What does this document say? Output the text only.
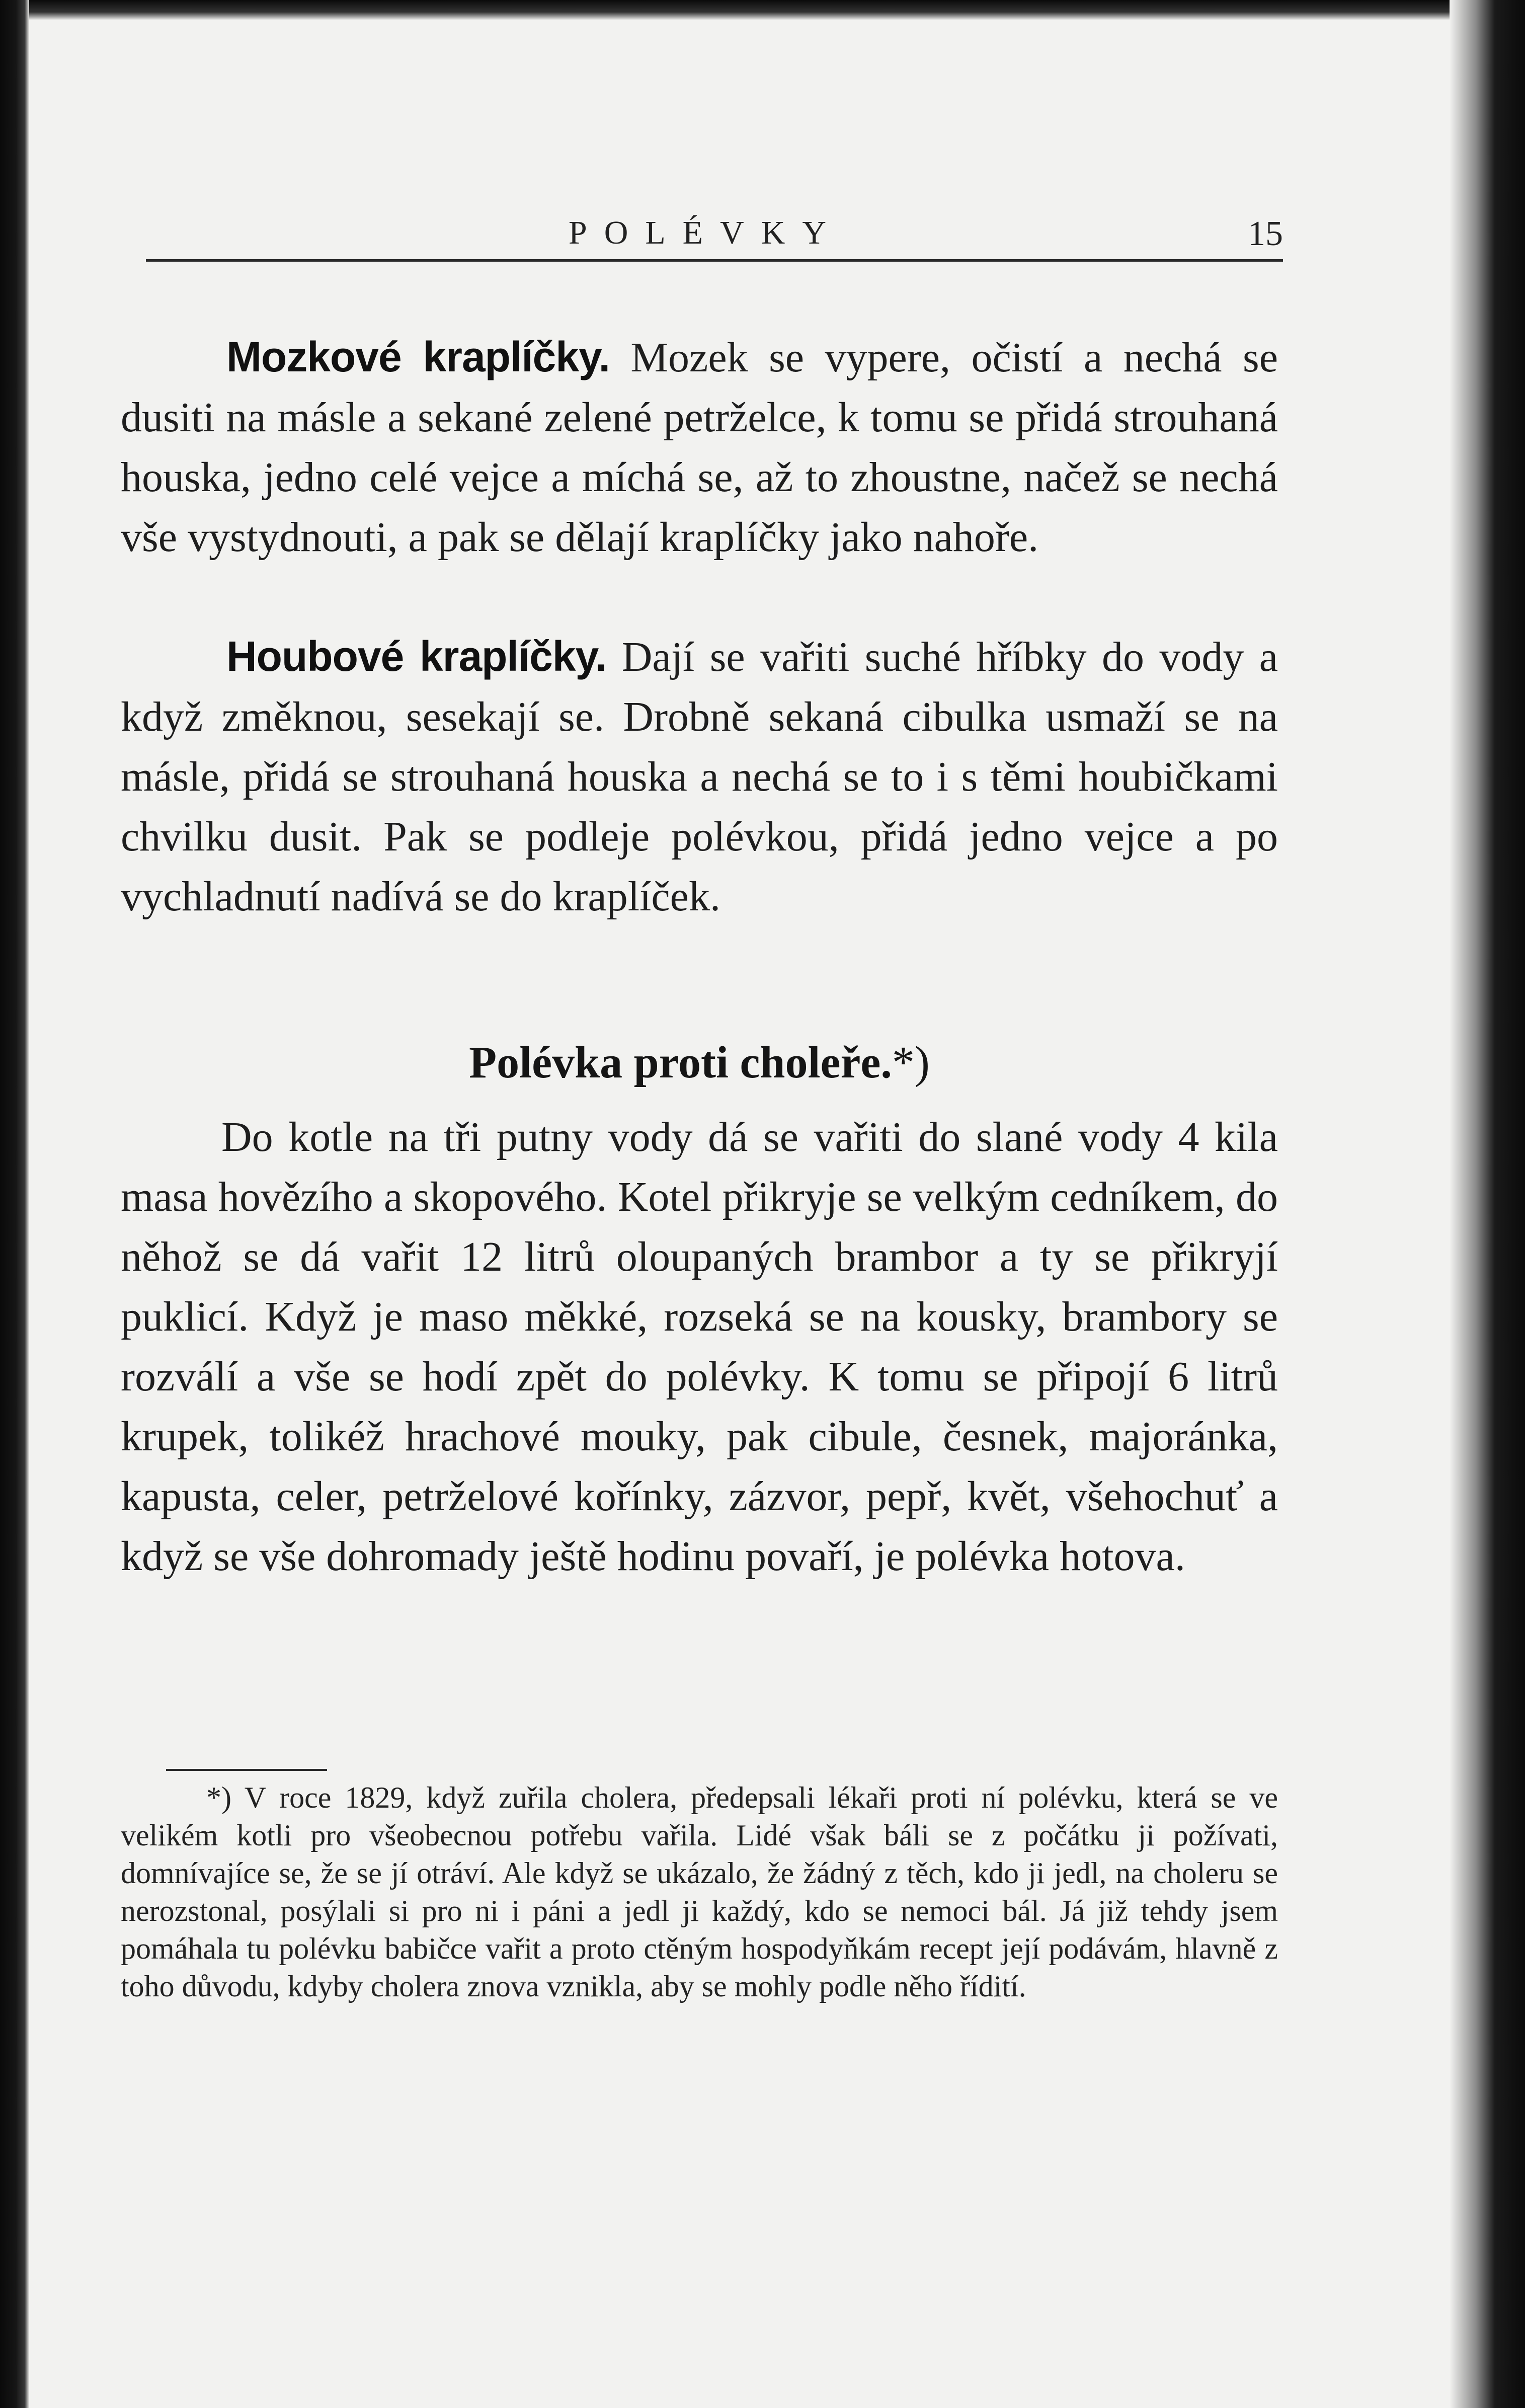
POLÉVKY	15

Mozkové kraplíčky. Mozek se vypere, očistí a nechá se dusiti na másle a sekané zelené petrželce, k tomu se přidá strouhaná houska, jedno celé vejce a míchá se, až to zhoustne, načež se nechá vše vystydnouti, a pak se dělají kraplíčky jako nahoře.

Houbové kraplíčky. Dají se vařiti suché hříbky do vody a když změknou, sesekají se. Drobně sekaná cibulka usmaží se na másle, přidá se strouhaná houska a nechá se to i s těmi houbičkami chvilku dusit. Pak se podleje polévkou, přidá jedno vejce a po vychladnutí nadívá se do kraplíček.

Polévka proti choleře.*)

Do kotle na tři putny vody dá se vařiti do slané vody 4 kila masa hovězího a skopového. Kotel přikryje se velkým cedníkem, do něhož se dá vařit 12 litrů oloupaných brambor a ty se přikryjí puklicí. Když je maso měkké, rozseká se na kousky, brambory se rozválí a vše se hodí zpět do polévky. K tomu se připojí 6 litrů krupek, tolikéž hrachové mouky, pak cibule, česnek, majoránka, kapusta, celer, petrželové kořínky, zázvor, pepř, květ, všehochuť a když se vše dohromady ještě hodinu povaří, je polévka hotova.

*) V roce 1829, když zuřila cholera, předepsali lékaři proti ní polévku, která se ve velikém kotli pro všeobecnou potřebu vařila. Lidé však báli se z počátku ji požívati, domnívajíce se, že se jí otráví. Ale když se ukázalo, že žádný z těch, kdo ji jedl, na choleru se nerozstonal, posýlali si pro ni i páni a jedl ji každý, kdo se nemoci bál. Já již tehdy jsem pomáhala tu polévku babičce vařit a proto ctěným hospodyňkám recept její podávám, hlavně z toho důvodu, kdyby cholera znova vznikla, aby se mohly podle něho řídití.
